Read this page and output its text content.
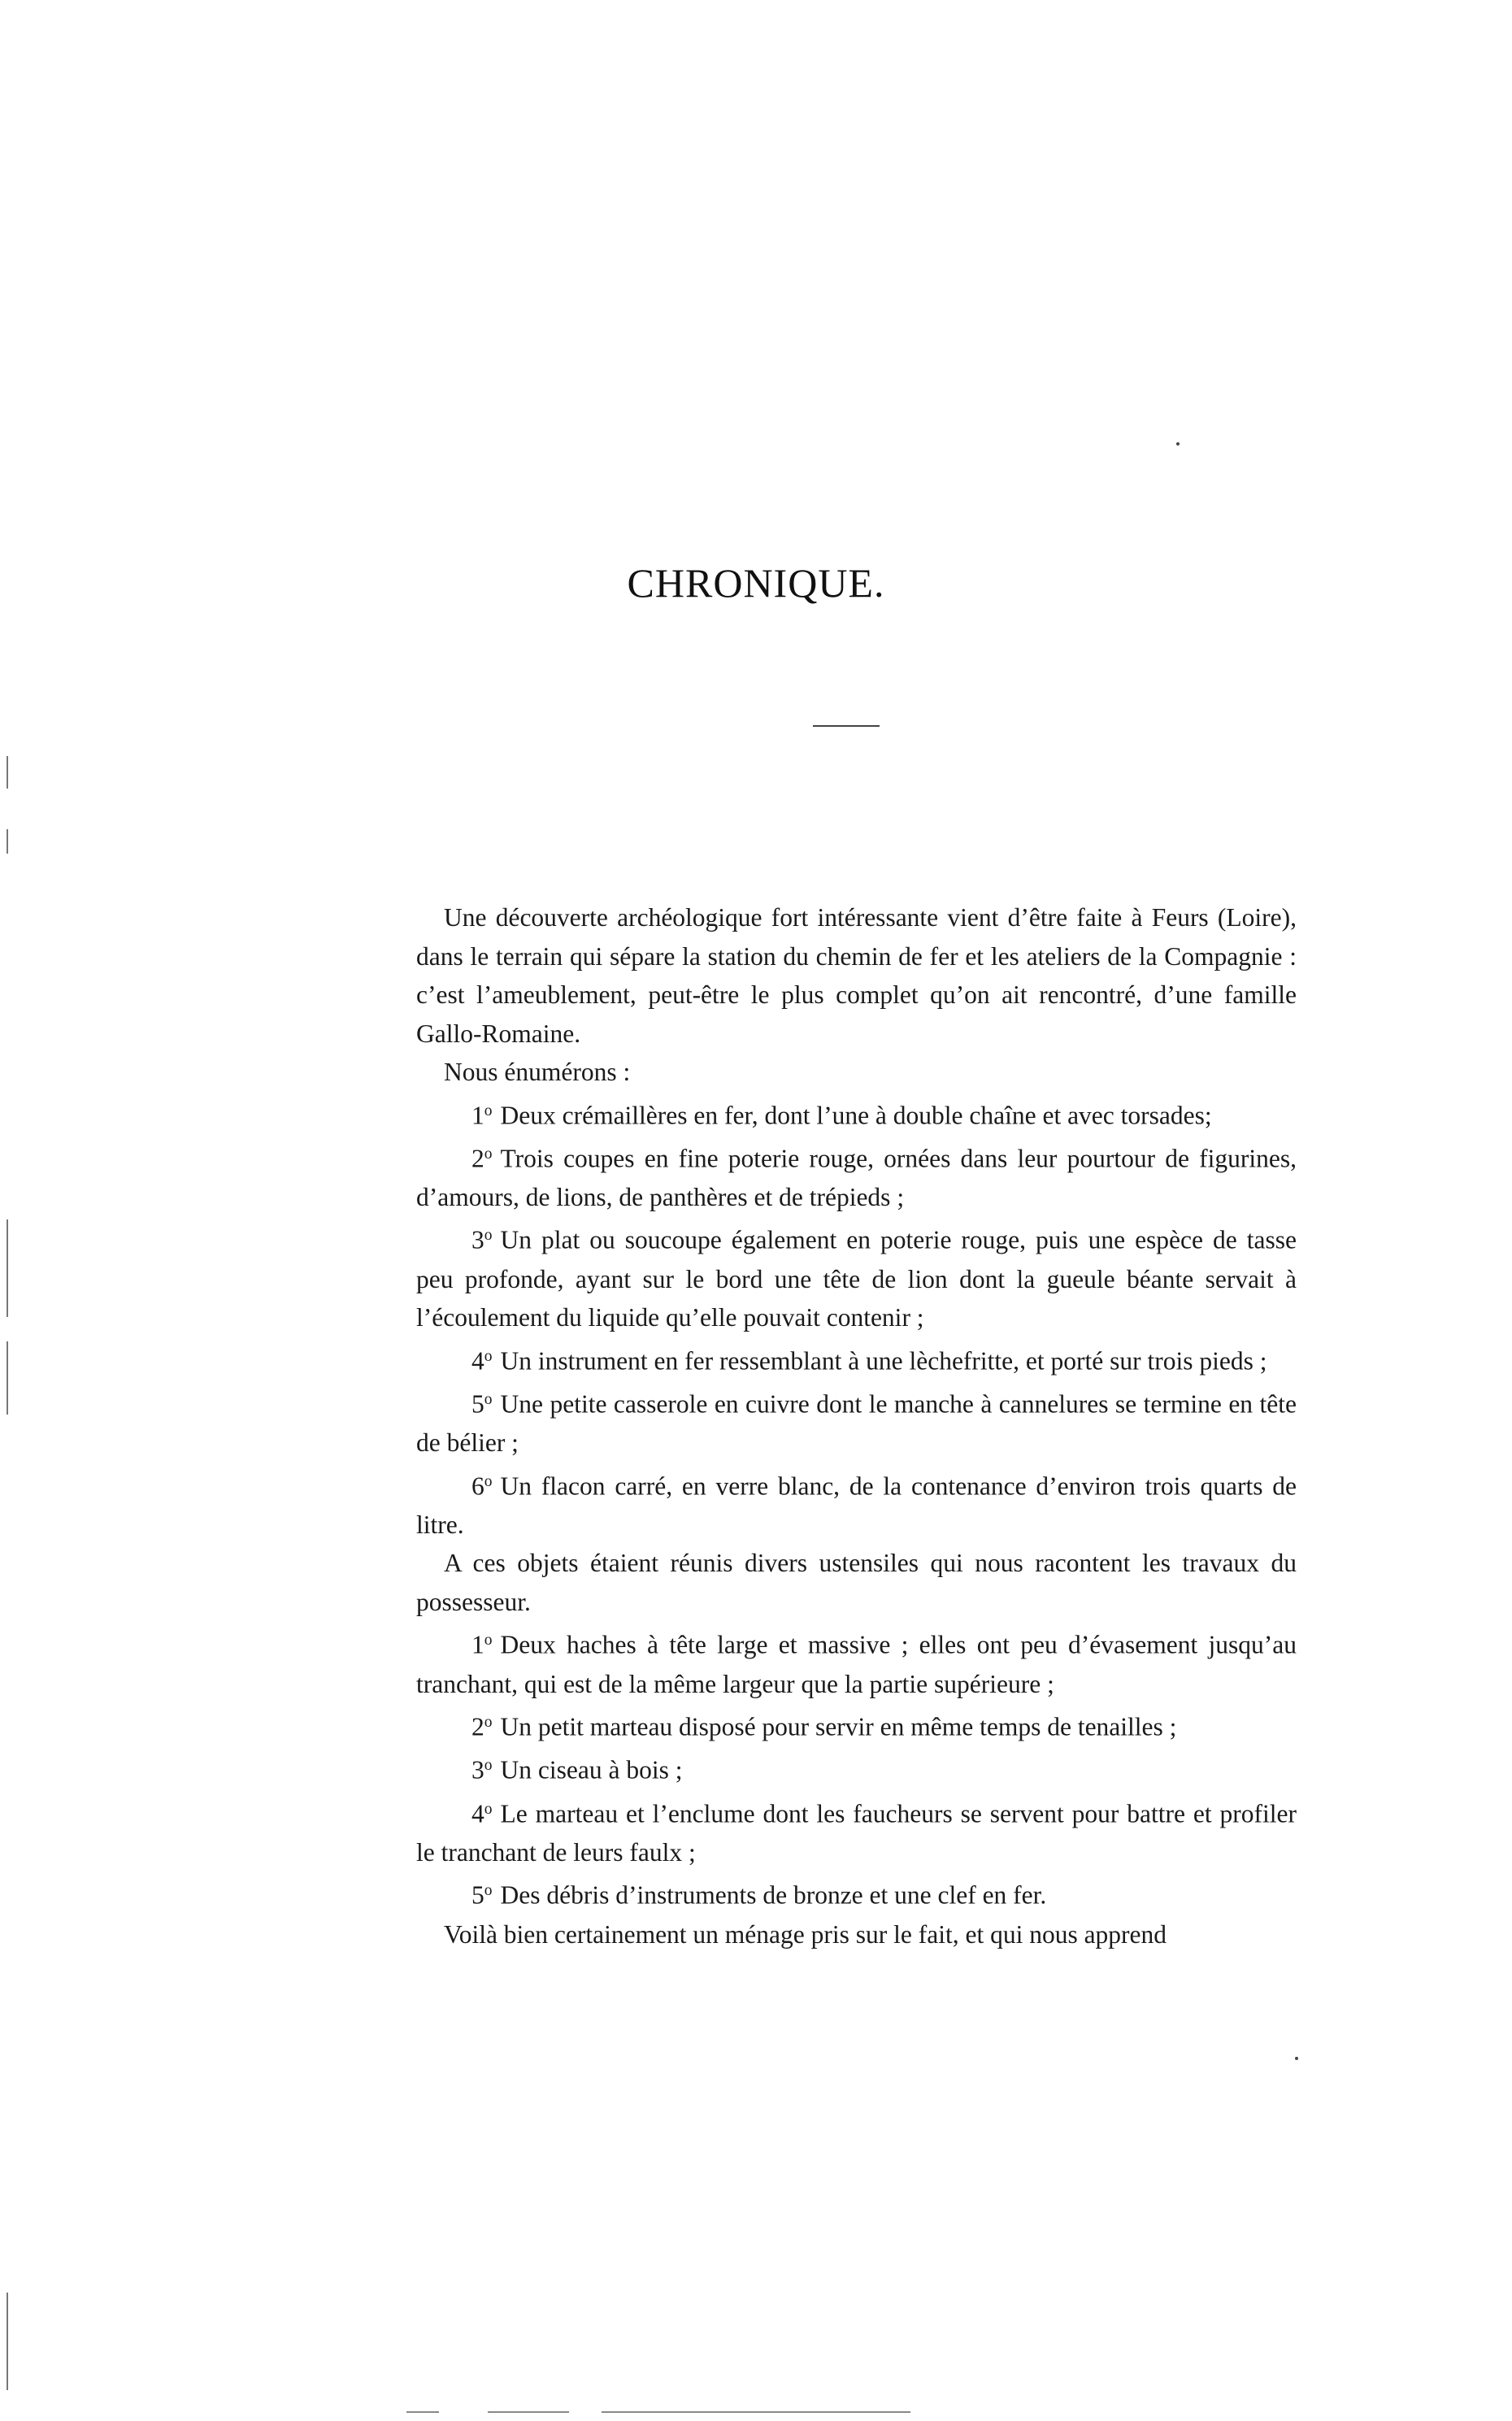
CHRONIQUE.

Une découverte archéologique fort intéressante vient d’être faite à Feurs (Loire), dans le terrain qui sépare la station du chemin de fer et les ateliers de la Compagnie : c’est l’ameublement, peut-être le plus complet qu’on ait rencontré, d’une famille Gallo-Romaine.

Nous énumérons :

1$^o$ Deux crémaillères en fer, dont l’une à double chaîne et avec torsades;

2$^o$ Trois coupes en fine poterie rouge, ornées dans leur pourtour de figurines, d’amours, de lions, de panthères et de trépieds ;

3$^o$ Un plat ou soucoupe également en poterie rouge, puis une espèce de tasse peu profonde, ayant sur le bord une tête de lion dont la gueule béante servait à l’écoulement du liquide qu’elle pouvait contenir ;

4$^o$ Un instrument en fer ressemblant à une lèchefritte, et porté sur trois pieds ;

5$^o$ Une petite casserole en cuivre dont le manche à cannelures se termine en tête de bélier ;

6$^o$ Un flacon carré, en verre blanc, de la contenance d’environ trois quarts de litre.

A ces objets étaient réunis divers ustensiles qui nous racontent les travaux du possesseur.

1$^o$ Deux haches à tête large et massive ; elles ont peu d’évasement jusqu’au tranchant, qui est de la même largeur que la partie supérieure ;

2$^o$ Un petit marteau disposé pour servir en même temps de tenailles ;

3$^o$ Un ciseau à bois ;

4$^o$ Le marteau et l’enclume dont les faucheurs se servent pour battre et profiler le tranchant de leurs faulx ;

5$^o$ Des débris d’instruments de bronze et une clef en fer.

Voilà bien certainement un ménage pris sur le fait, et qui nous apprend
